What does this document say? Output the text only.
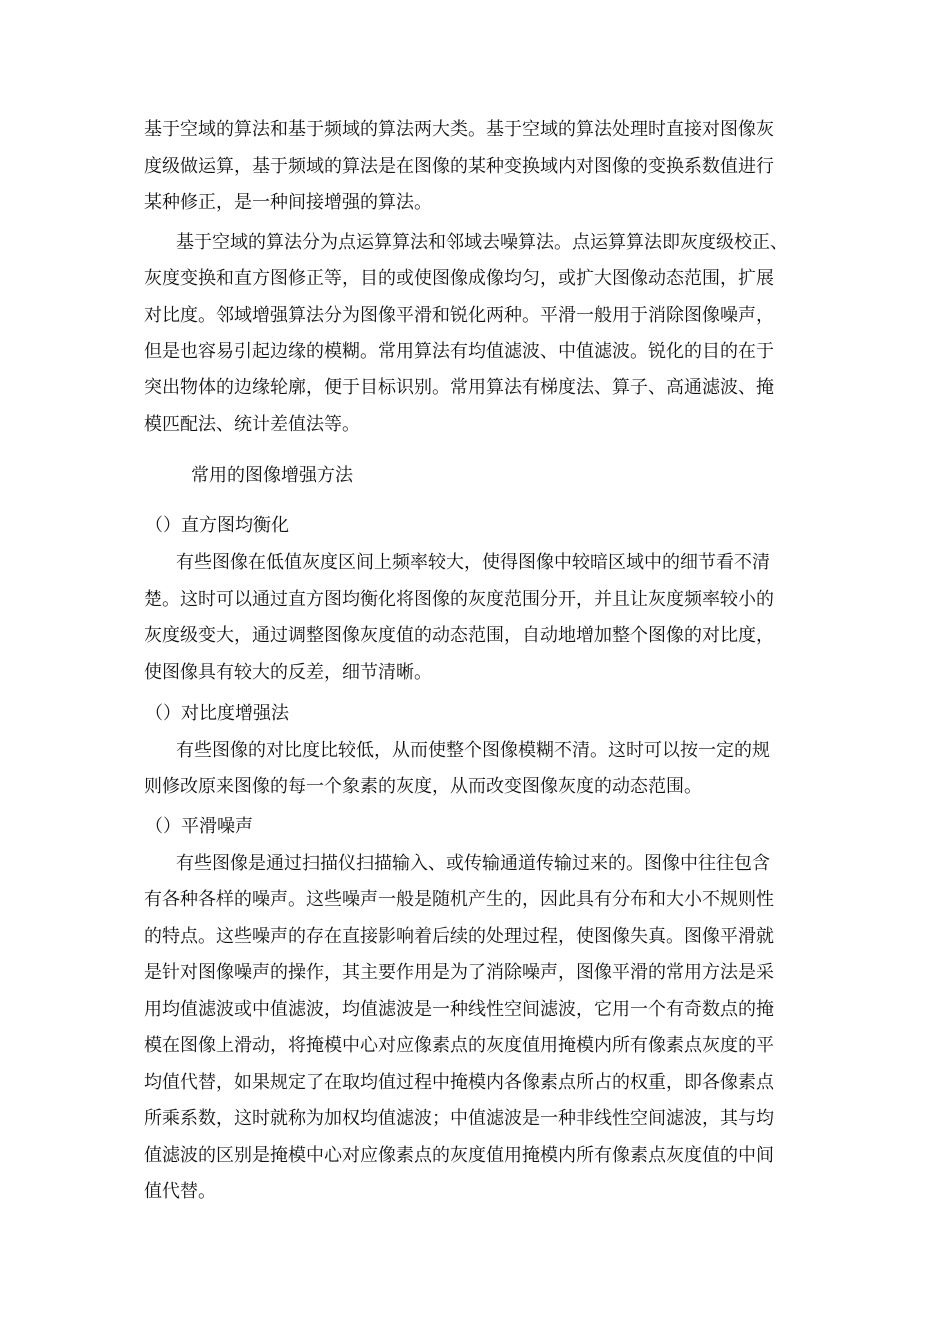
基于空域的算法和基于频域的算法两大类。基于空域的算法处理时直接对图像灰
度级做运算，基于频域的算法是在图像的某种变换域内对图像的变换系数值进行
某种修正，是一种间接增强的算法。
基于空域的算法分为点运算算法和邻域去噪算法。点运算算法即灰度级校正、
灰度变换和直方图修正等，目的或使图像成像均匀，或扩大图像动态范围，扩展
对比度。邻域增强算法分为图像平滑和锐化两种。平滑一般用于消除图像噪声，
但是也容易引起边缘的模糊。常用算法有均值滤波、中值滤波。锐化的目的在于
突出物体的边缘轮廓，便于目标识别。常用算法有梯度法、算子、高通滤波、掩
模匹配法、统计差值法等。
常用的图像增强方法
（）直方图均衡化
有些图像在低值灰度区间上频率较大，使得图像中较暗区域中的细节看不清
楚。这时可以通过直方图均衡化将图像的灰度范围分开，并且让灰度频率较小的
灰度级变大，通过调整图像灰度值的动态范围，自动地增加整个图像的对比度，
使图像具有较大的反差，细节清晰。
（）对比度增强法
有些图像的对比度比较低，从而使整个图像模糊不清。这时可以按一定的规
则修改原来图像的每一个象素的灰度，从而改变图像灰度的动态范围。
（）平滑噪声
有些图像是通过扫描仪扫描输入、或传输通道传输过来的。图像中往往包含
有各种各样的噪声。这些噪声一般是随机产生的，因此具有分布和大小不规则性
的特点。这些噪声的存在直接影响着后续的处理过程，使图像失真。图像平滑就
是针对图像噪声的操作，其主要作用是为了消除噪声，图像平滑的常用方法是采
用均值滤波或中值滤波，均值滤波是一种线性空间滤波，它用一个有奇数点的掩
模在图像上滑动，将掩模中心对应像素点的灰度值用掩模内所有像素点灰度的平
均值代替，如果规定了在取均值过程中掩模内各像素点所占的权重，即各像素点
所乘系数，这时就称为加权均值滤波；中值滤波是一种非线性空间滤波，其与均
值滤波的区别是掩模中心对应像素点的灰度值用掩模内所有像素点灰度值的中间
值代替。
